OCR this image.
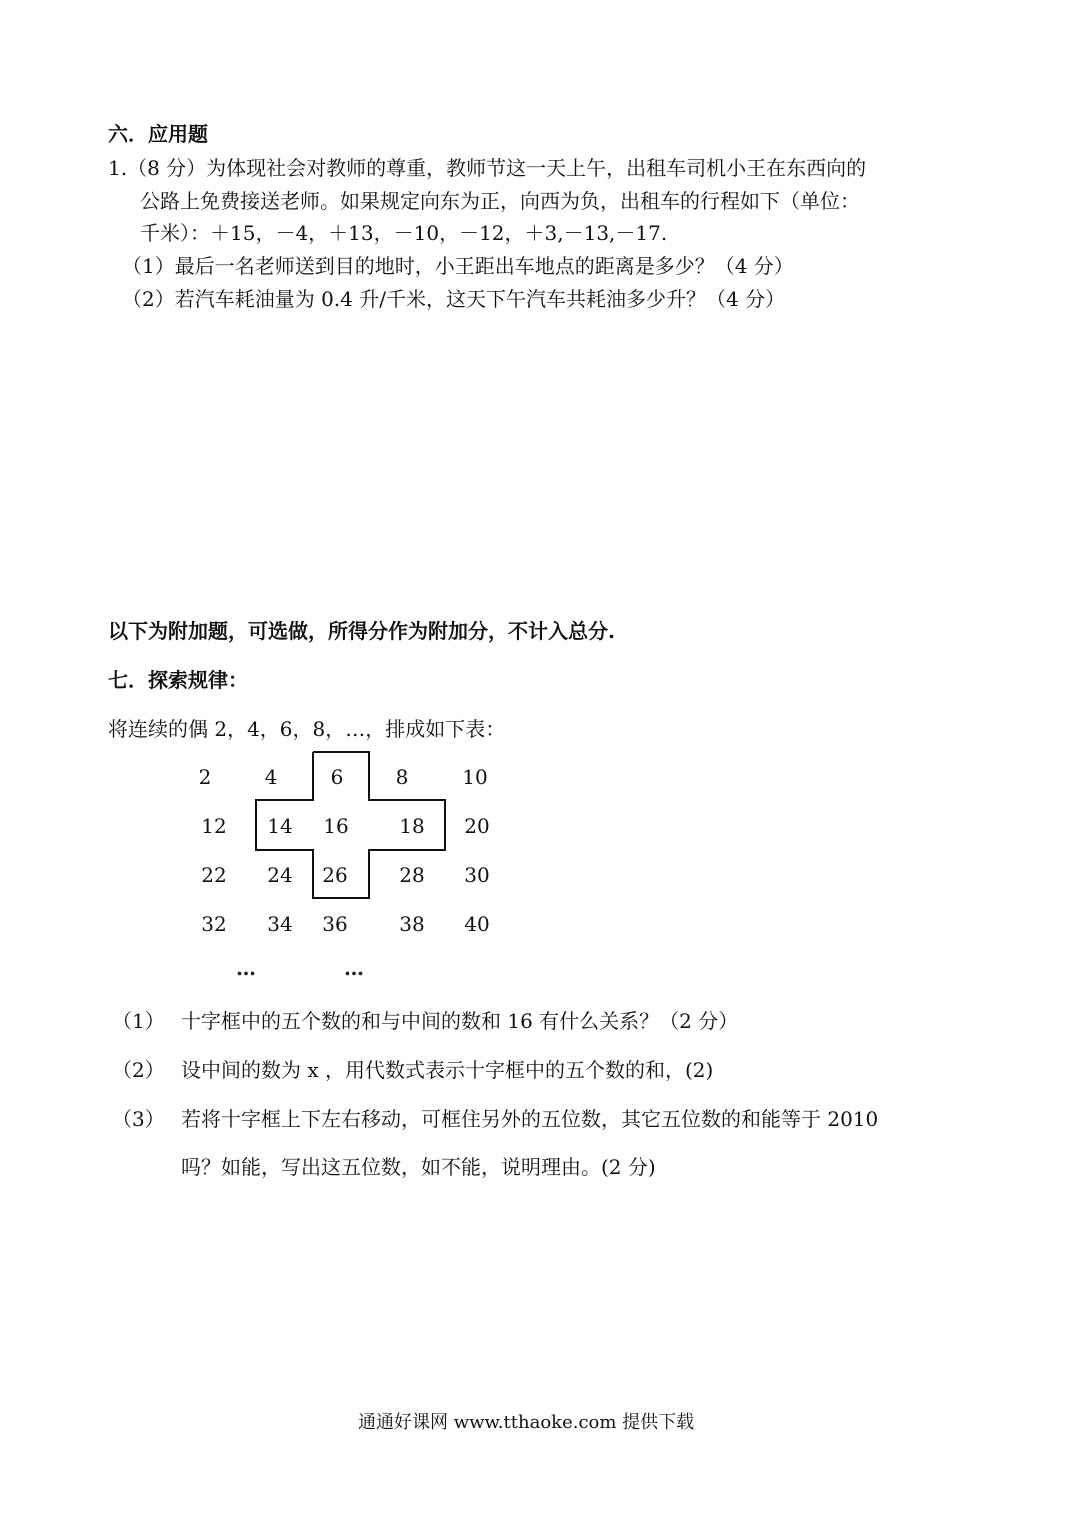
六．应用题
1.（8 分）为体现社会对教师的尊重，教师节这一天上午，出租车司机小王在东西向的
公路上免费接送老师。如果规定向东为正，向西为负，出租车的行程如下（单位：
千米）：＋15，－4，＋13，－10，－12，＋3,－13,－17.
（1）最后一名老师送到目的地时，小王距出车地点的距离是多少？（4 分）
（2）若汽车耗油量为 0.4 升/千米，这天下午汽车共耗油多少升？（4 分）
以下为附加题，可选做，所得分作为附加分，不计入总分.
七．探索规律：
将连续的偶 2，4，6，8，…，排成如下表：
2	4	6	8	10
12	14	16	18	20
22	24	26	28	30
32	34	36	38	40
…	…
（1） 十字框中的五个数的和与中间的数和 16 有什么关系？（2 分）
（2） 设中间的数为 x ，用代数式表示十字框中的五个数的和，(2)
（3） 若将十字框上下左右移动，可框住另外的五位数，其它五位数的和能等于 2010
吗？如能，写出这五位数，如不能，说明理由。(2 分)
通通好课网 www.tthaoke.com 提供下载
